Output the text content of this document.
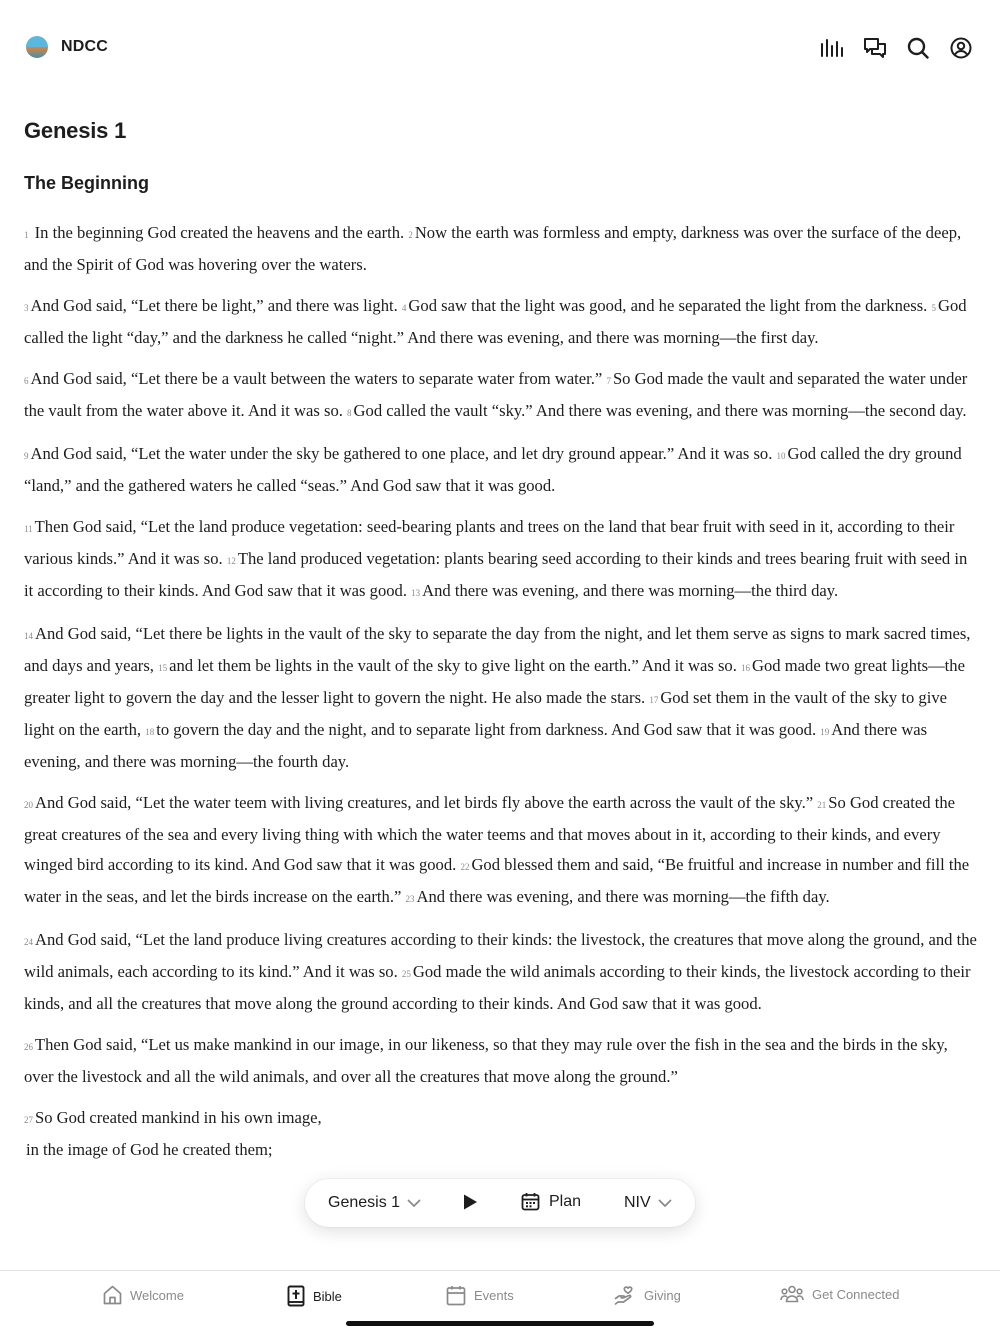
NDCC
Genesis 1
The Beginning

1 In the beginning God created the heavens and the earth. 2 Now the earth was formless and empty, darkness was over the surface of the deep, and the Spirit of God was hovering over the waters.

3 And God said, “Let there be light,” and there was light. 4 God saw that the light was good, and he separated the light from the darkness. 5 God called the light “day,” and the darkness he called “night.” And there was evening, and there was morning—the first day.

6 And God said, “Let there be a vault between the waters to separate water from water.” 7 So God made the vault and separated the water under the vault from the water above it. And it was so. 8 God called the vault “sky.” And there was evening, and there was morning—the second day.

9 And God said, “Let the water under the sky be gathered to one place, and let dry ground appear.” And it was so. 10 God called the dry ground “land,” and the gathered waters he called “seas.” And God saw that it was good.

11 Then God said, “Let the land produce vegetation: seed-bearing plants and trees on the land that bear fruit with seed in it, according to their various kinds.” And it was so. 12 The land produced vegetation: plants bearing seed according to their kinds and trees bearing fruit with seed in it according to their kinds. And God saw that it was good. 13 And there was evening, and there was morning—the third day.

14 And God said, “Let there be lights in the vault of the sky to separate the day from the night, and let them serve as signs to mark sacred times, and days and years, 15 and let them be lights in the vault of the sky to give light on the earth.” And it was so. 16 God made two great lights—the greater light to govern the day and the lesser light to govern the night. He also made the stars. 17 God set them in the vault of the sky to give light on the earth, 18 to govern the day and the night, and to separate light from darkness. And God saw that it was good. 19 And there was evening, and there was morning—the fourth day.

20 And God said, “Let the water teem with living creatures, and let birds fly above the earth across the vault of the sky.” 21 So God created the great creatures of the sea and every living thing with which the water teems and that moves about in it, according to their kinds, and every winged bird according to its kind. And God saw that it was good. 22 God blessed them and said, “Be fruitful and increase in number and fill the water in the seas, and let the birds increase on the earth.” 23 And there was evening, and there was morning—the fifth day.

24 And God said, “Let the land produce living creatures according to their kinds: the livestock, the creatures that move along the ground, and the wild animals, each according to its kind.” And it was so. 25 God made the wild animals according to their kinds, the livestock according to their kinds, and all the creatures that move along the ground according to their kinds. And God saw that it was good.

26 Then God said, “Let us make mankind in our image, in our likeness, so that they may rule over the fish in the sea and the birds in the sky, over the livestock and all the wild animals, and over all the creatures that move along the ground.”

27 So God created mankind in his own image,
in the image of God he created them;
Genesis 1	Plan	NIV
Welcome	Bible	Events	Giving	Get Connected
